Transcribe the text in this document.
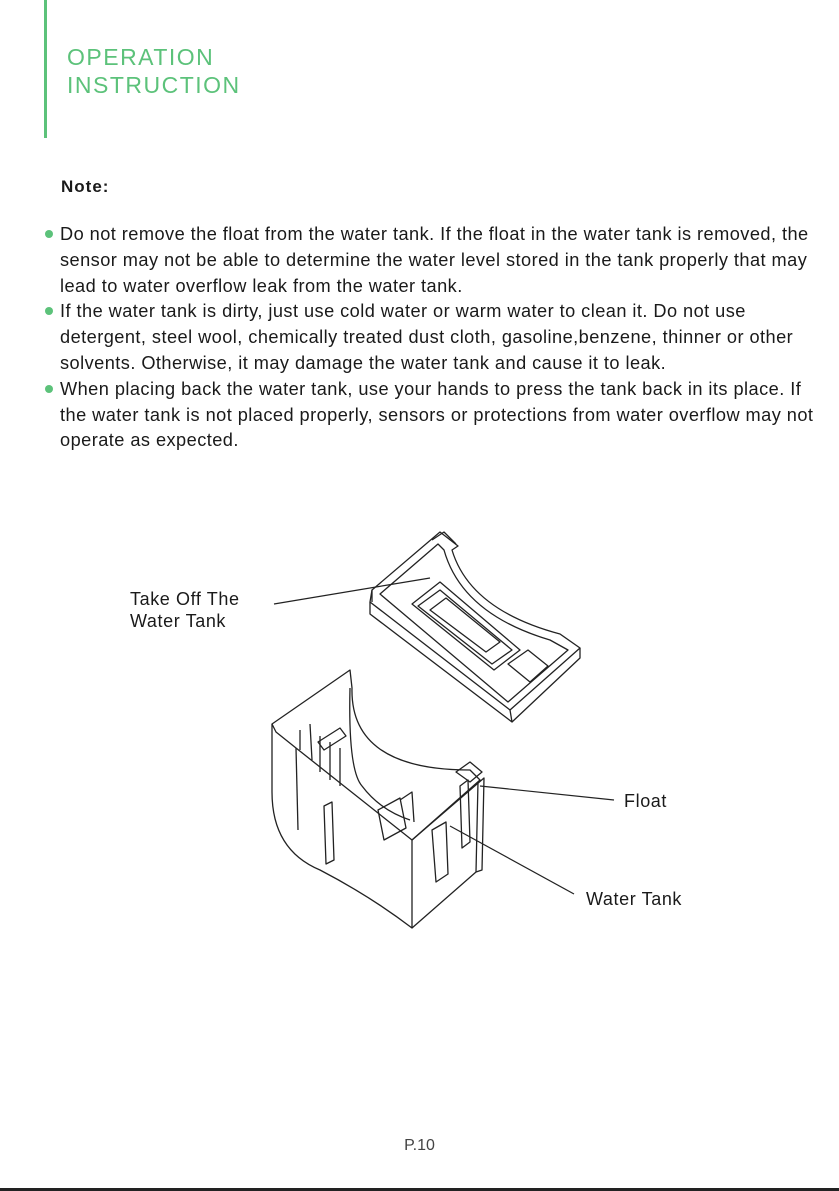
OPERATION
INSTRUCTION
Note:
Do not remove the float from the water tank. If the float in the water tank is removed, the sensor may not be able to determine the water level stored in the tank properly that may lead to water overflow leak from the water tank.
If the water tank is dirty, just use cold water or warm water to clean it. Do not use detergent, steel wool, chemically treated dust cloth, gasoline,benzene, thinner or other solvents. Otherwise, it may damage the water tank and cause it to leak.
When placing back the water tank, use your hands to press the tank back in its place. If the water tank is not placed properly, sensors or protections from water overflow may not operate as expected.
Take Off The
Water Tank
Float
Water Tank
P.10
